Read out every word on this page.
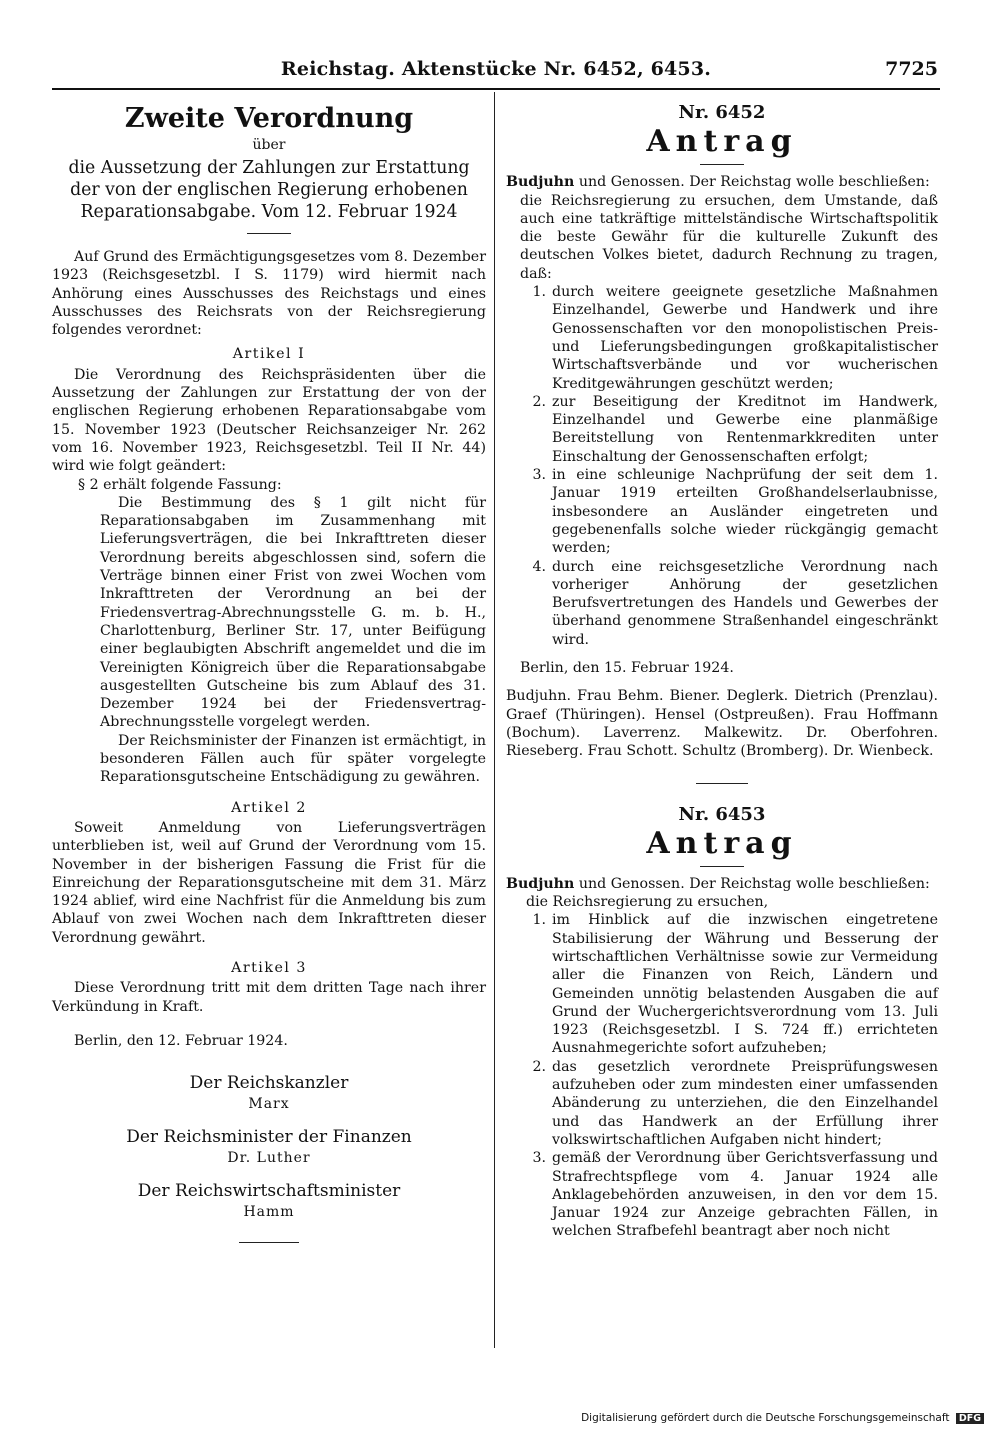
Reichstag. Aktenstücke Nr. 6452, 6453.	7725
Zweite Verordnung
über
die Aussetzung der Zahlungen zur Erstattung der von der englischen Regierung erhobenen Reparationsabgabe. Vom 12. Februar 1924

Auf Grund des Ermächtigungsgesetzes vom 8. Dezember 1923 (Reichsgesetzbl. I S. 1179) wird hiermit nach Anhörung eines Ausschusses des Reichstags und eines Ausschusses des Reichsrats von der Reichsregierung folgendes verordnet:

Artikel I

Die Verordnung des Reichspräsidenten über die Aussetzung der Zahlungen zur Erstattung der von der englischen Regierung erhobenen Reparationsabgabe vom 15. November 1923 (Deutscher Reichsanzeiger Nr. 262 vom 16. November 1923, Reichsgesetzbl. Teil II Nr. 44) wird wie folgt geändert:

§ 2 erhält folgende Fassung:

Die Bestimmung des § 1 gilt nicht für Reparationsabgaben im Zusammenhang mit Lieferungsverträgen, die bei Inkrafttreten dieser Verordnung bereits abgeschlossen sind, sofern die Verträge binnen einer Frist von zwei Wochen vom Inkrafttreten der Verordnung an bei der Friedensvertrag-Abrechnungsstelle G. m. b. H., Charlottenburg, Berliner Str. 17, unter Beifügung einer beglaubigten Abschrift angemeldet und die im Vereinigten Königreich über die Reparationsabgabe ausgestellten Gutscheine bis zum Ablauf des 31. Dezember 1924 bei der Friedensvertrag-Abrechnungsstelle vorgelegt werden.

Der Reichsminister der Finanzen ist ermächtigt, in besonderen Fällen auch für später vorgelegte Reparationsgutscheine Entschädigung zu gewähren.

Artikel 2

Soweit Anmeldung von Lieferungsverträgen unterblieben ist, weil auf Grund der Verordnung vom 15. November in der bisherigen Fassung die Frist für die Einreichung der Reparationsgutscheine mit dem 31. März 1924 ablief, wird eine Nachfrist für die Anmeldung bis zum Ablauf von zwei Wochen nach dem Inkrafttreten dieser Verordnung gewährt.

Artikel 3

Diese Verordnung tritt mit dem dritten Tage nach ihrer Verkündung in Kraft.

Berlin, den 12. Februar 1924.

Der Reichskanzler
Marx
Der Reichsminister der Finanzen
Dr. Luther
Der Reichswirtschaftsminister
Hamm
Nr. 6452
Antrag

Budjuhn und Genossen. Der Reichstag wolle beschließen:

die Reichsregierung zu ersuchen, dem Umstande, daß auch eine tatkräftige mittelständische Wirtschaftspolitik die beste Gewähr für die kulturelle Zukunft des deutschen Volkes bietet, dadurch Rechnung zu tragen, daß:

1. durch weitere geeignete gesetzliche Maßnahmen Einzelhandel, Gewerbe und Handwerk und ihre Genossenschaften vor den monopolistischen Preis- und Lieferungsbedingungen großkapitalistischer Wirtschaftsverbände und vor wucherischen Kreditgewährungen geschützt werden;
2. zur Beseitigung der Kreditnot im Handwerk, Einzelhandel und Gewerbe eine planmäßige Bereitstellung von Rentenmarkkrediten unter Einschaltung der Genossenschaften erfolgt;
3. in eine schleunige Nachprüfung der seit dem 1. Januar 1919 erteilten Großhandelserlaubnisse, insbesondere an Ausländer eingetreten und gegebenenfalls solche wieder rückgängig gemacht werden;
4. durch eine reichsgesetzliche Verordnung nach vorheriger Anhörung der gesetzlichen Berufsvertretungen des Handels und Gewerbes der überhand genommene Straßenhandel eingeschränkt wird.

Berlin, den 15. Februar 1924.

Budjuhn. Frau Behm. Biener. Deglerk. Dietrich (Prenzlau). Graef (Thüringen). Hensel (Ostpreußen). Frau Hoffmann (Bochum). Laverrenz. Malkewitz. Dr. Oberfohren. Rieseberg. Frau Schott. Schultz (Bromberg). Dr. Wienbeck.

Nr. 6453
Antrag

Budjuhn und Genossen. Der Reichstag wolle beschließen:

die Reichsregierung zu ersuchen,

1. im Hinblick auf die inzwischen eingetretene Stabilisierung der Währung und Besserung der wirtschaftlichen Verhältnisse sowie zur Vermeidung aller die Finanzen von Reich, Ländern und Gemeinden unnötig belastenden Ausgaben die auf Grund der Wuchergerichtsverordnung vom 13. Juli 1923 (Reichsgesetzbl. I S. 724 ff.) errichteten Ausnahmegerichte sofort aufzuheben;
2. das gesetzlich verordnete Preisprüfungswesen aufzuheben oder zum mindesten einer umfassenden Abänderung zu unterziehen, die den Einzelhandel und das Handwerk an der Erfüllung ihrer volkswirtschaftlichen Aufgaben nicht hindert;
3. gemäß der Verordnung über Gerichtsverfassung und Strafrechtspflege vom 4. Januar 1924 alle Anklagebehörden anzuweisen, in den vor dem 15. Januar 1924 zur Anzeige gebrachten Fällen, in welchen Strafbefehl beantragt aber noch nicht
Digitalisierung gefördert durch die Deutsche Forschungsgemeinschaft DFG
